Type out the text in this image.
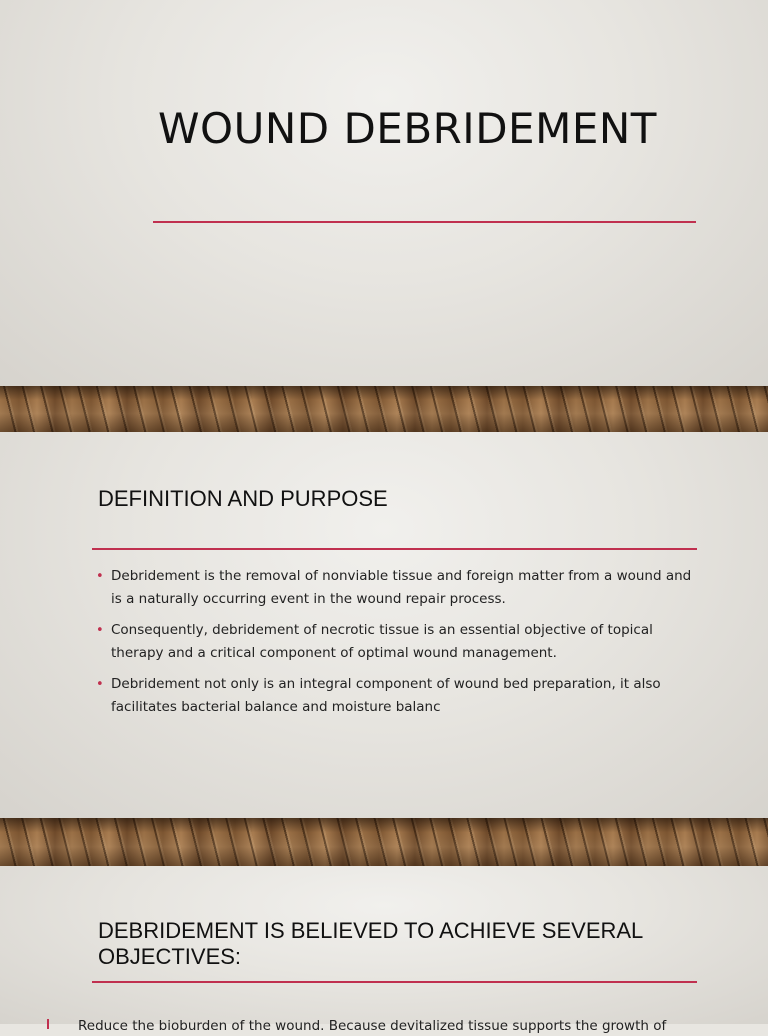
WOUND DEBRIDEMENT
DEFINITION AND PURPOSE
• Debridement is the removal of nonviable tissue and foreign matter from a wound and is a naturally occurring event in the wound repair process.
• Consequently, debridement of necrotic tissue is an essential objective of topical therapy and a critical component of optimal wound management.
• Debridement not only is an integral component of wound bed preparation, it also facilitates bacterial balance and moisture balanc
DEBRIDEMENT IS BELIEVED TO ACHIEVE SEVERAL OBJECTIVES:
Reduce the bioburden of the wound. Because devitalized tissue supports the growth of
